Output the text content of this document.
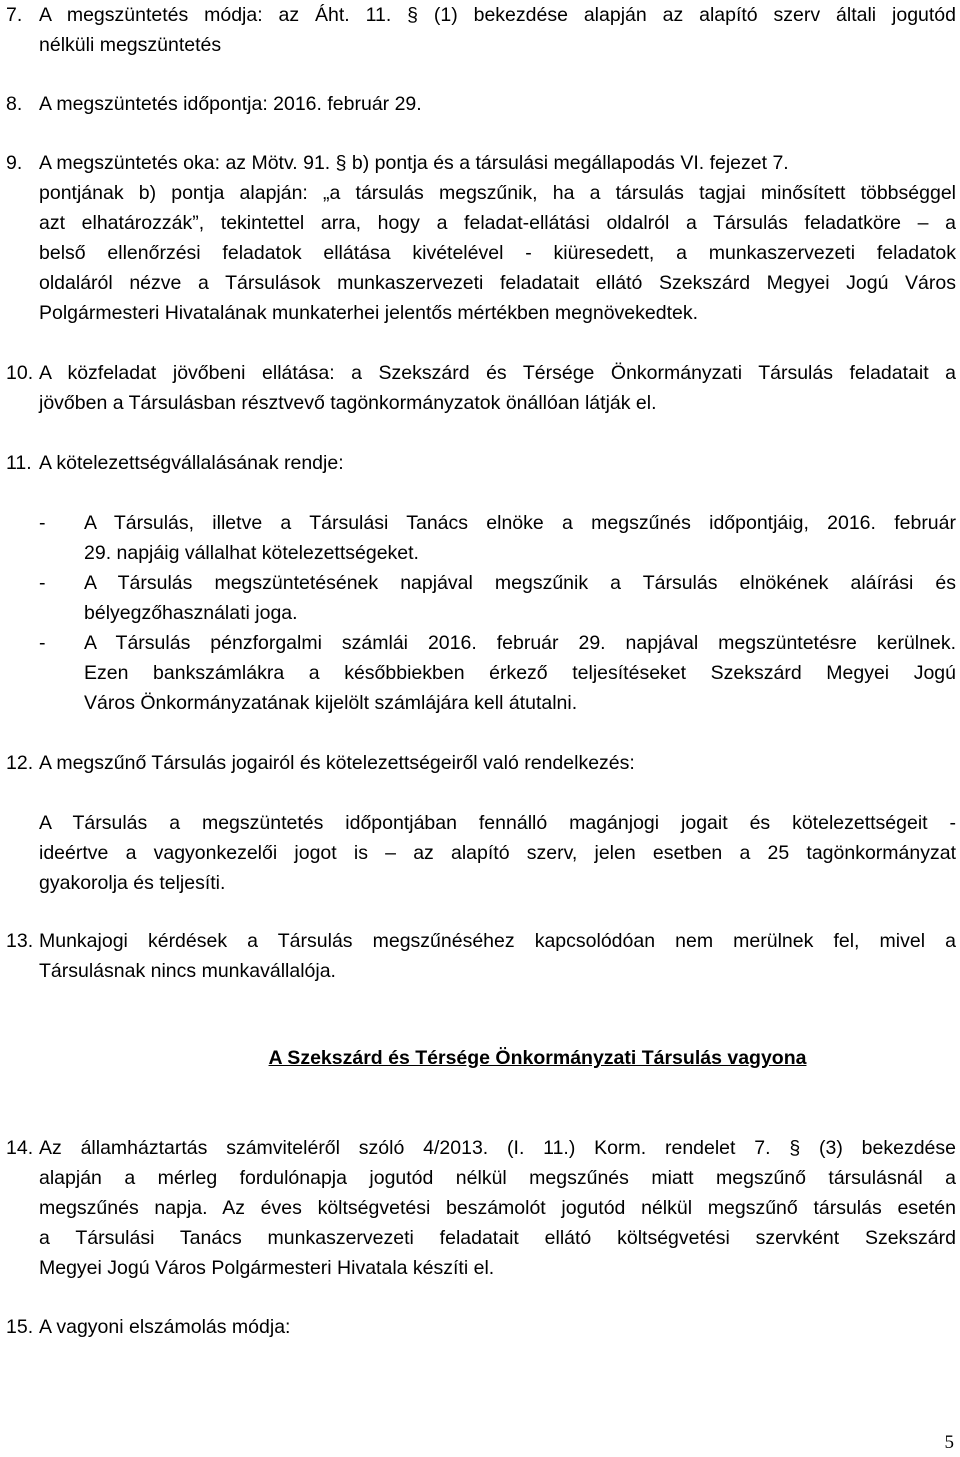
7. A megszüntetés módja: az Áht. 11. § (1) bekezdése alapján az alapító szerv általi jogutód
nélküli megszüntetés
8. A megszüntetés időpontja: 2016. február 29.
9. A megszüntetés oka: az Mötv. 91. § b) pontja és a társulási megállapodás VI. fejezet 7.
pontjának b) pontja alapján: „a társulás megszűnik, ha a társulás tagjai minősített többséggel
azt elhatározzák”, tekintettel arra, hogy a feladat-ellátási oldalról a Társulás feladatköre – a
belső ellenőrzési feladatok ellátása kivételével - kiüresedett, a munkaszervezeti feladatok
oldaláról nézve a Társulások munkaszervezeti feladatait ellátó Szekszárd Megyei Jogú Város
Polgármesteri Hivatalának munkaterhei jelentős mértékben megnövekedtek.
10. A közfeladat jövőbeni ellátása: a Szekszárd és Térsége Önkormányzati Társulás feladatait a
jövőben a Társulásban résztvevő tagönkormányzatok önállóan látják el.
11. A kötelezettségvállalásának rendje:
- A Társulás, illetve a Társulási Tanács elnöke a megszűnés időpontjáig, 2016. február
29. napjáig vállalhat kötelezettségeket.
- A Társulás megszüntetésének napjával megszűnik a Társulás elnökének aláírási és
bélyegzőhasználati joga.
- A Társulás pénzforgalmi számlái 2016. február 29. napjával megszüntetésre kerülnek.
Ezen bankszámlákra a későbbiekben érkező teljesítéseket Szekszárd Megyei Jogú
Város Önkormányzatának kijelölt számlájára kell átutalni.
12. A megszűnő Társulás jogairól és kötelezettségeiről való rendelkezés:
A Társulás a megszüntetés időpontjában fennálló magánjogi jogait és kötelezettségeit -
ideértve a vagyonkezelői jogot is – az alapító szerv, jelen esetben a 25 tagönkormányzat
gyakorolja és teljesíti.
13. Munkajogi kérdések a Társulás megszűnéséhez kapcsolódóan nem merülnek fel, mivel a
Társulásnak nincs munkavállalója.
A Szekszárd és Térsége Önkormányzati Társulás vagyona
14. Az államháztartás számviteléről szóló 4/2013. (I. 11.) Korm. rendelet 7. § (3) bekezdése
alapján a mérleg fordulónapja jogutód nélkül megszűnés miatt megszűnő társulásnál a
megszűnés napja. Az éves költségvetési beszámolót jogutód nélkül megszűnő társulás esetén
a Társulási Tanács munkaszervezeti feladatait ellátó költségvetési szervként Szekszárd
Megyei Jogú Város Polgármesteri Hivatala készíti el.
15. A vagyoni elszámolás módja:
5
